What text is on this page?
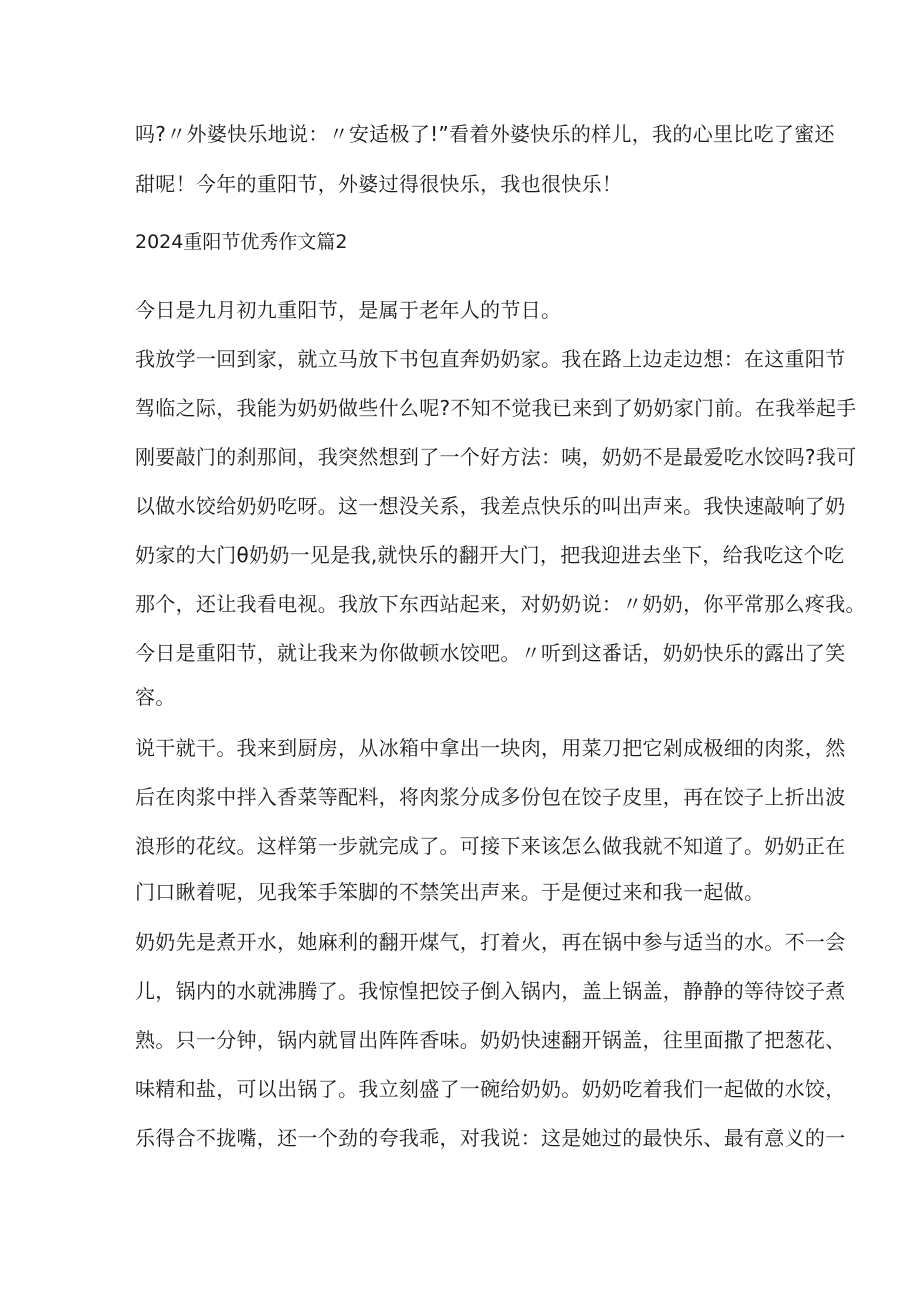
吗?〃外婆快乐地说：〃安适极了!”看着外婆快乐的样儿，我的心里比吃了蜜还
甜呢！今年的重阳节，外婆过得很快乐，我也很快乐！
2024重阳节优秀作文篇2
今日是九月初九重阳节，是属于老年人的节日。
我放学一回到家，就立马放下书包直奔奶奶家。我在路上边走边想：在这重阳节
驾临之际，我能为奶奶做些什么呢?不知不觉我已来到了奶奶家门前。在我举起手
刚要敲门的刹那间，我突然想到了一个好方法：咦，奶奶不是最爱吃水饺吗?我可
以做水饺给奶奶吃呀。这一想没关系，我差点快乐的叫出声来。我快速敲响了奶
奶家的大门θ奶奶一见是我,就快乐的翻开大门，把我迎进去坐下，给我吃这个吃
那个，还让我看电视。我放下东西站起来，对奶奶说：〃奶奶，你平常那么疼我。
今日是重阳节，就让我来为你做顿水饺吧。〃听到这番话，奶奶快乐的露出了笑
容。
说干就干。我来到厨房，从冰箱中拿出一块肉，用菜刀把它剁成极细的肉浆，然
后在肉浆中拌入香菜等配料，将肉浆分成多份包在饺子皮里，再在饺子上折出波
浪形的花纹。这样第一步就完成了。可接下来该怎么做我就不知道了。奶奶正在
门口瞅着呢，见我笨手笨脚的不禁笑出声来。于是便过来和我一起做。
奶奶先是煮开水，她麻利的翻开煤气，打着火，再在锅中参与适当的水。不一会
儿，锅内的水就沸腾了。我惊惶把饺子倒入锅内，盖上锅盖，静静的等待饺子煮
熟。只一分钟，锅内就冒出阵阵香味。奶奶快速翻开锅盖，往里面撒了把葱花、
味精和盐，可以出锅了。我立刻盛了一碗给奶奶。奶奶吃着我们一起做的水饺，
乐得合不拢嘴，还一个劲的夸我乖，对我说：这是她过的最快乐、最有意义的一
